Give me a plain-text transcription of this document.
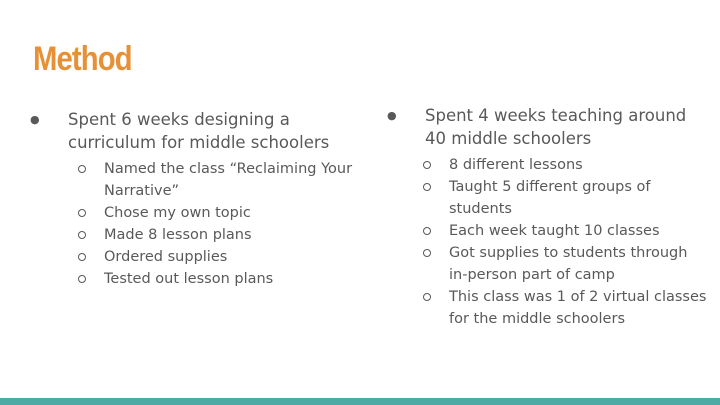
Method
● Spent 6 weeks designing a curriculum for middle schoolers
Named the class “Reclaiming Your Narrative”
Chose my own topic
Made 8 lesson plans
Ordered supplies
Tested out lesson plans
● Spent 4 weeks teaching around 40 middle schoolers
8 different lessons
Taught 5 different groups of students
Each week taught 10 classes
Got supplies to students through in-person part of camp
This class was 1 of 2 virtual classes for the middle schoolers
